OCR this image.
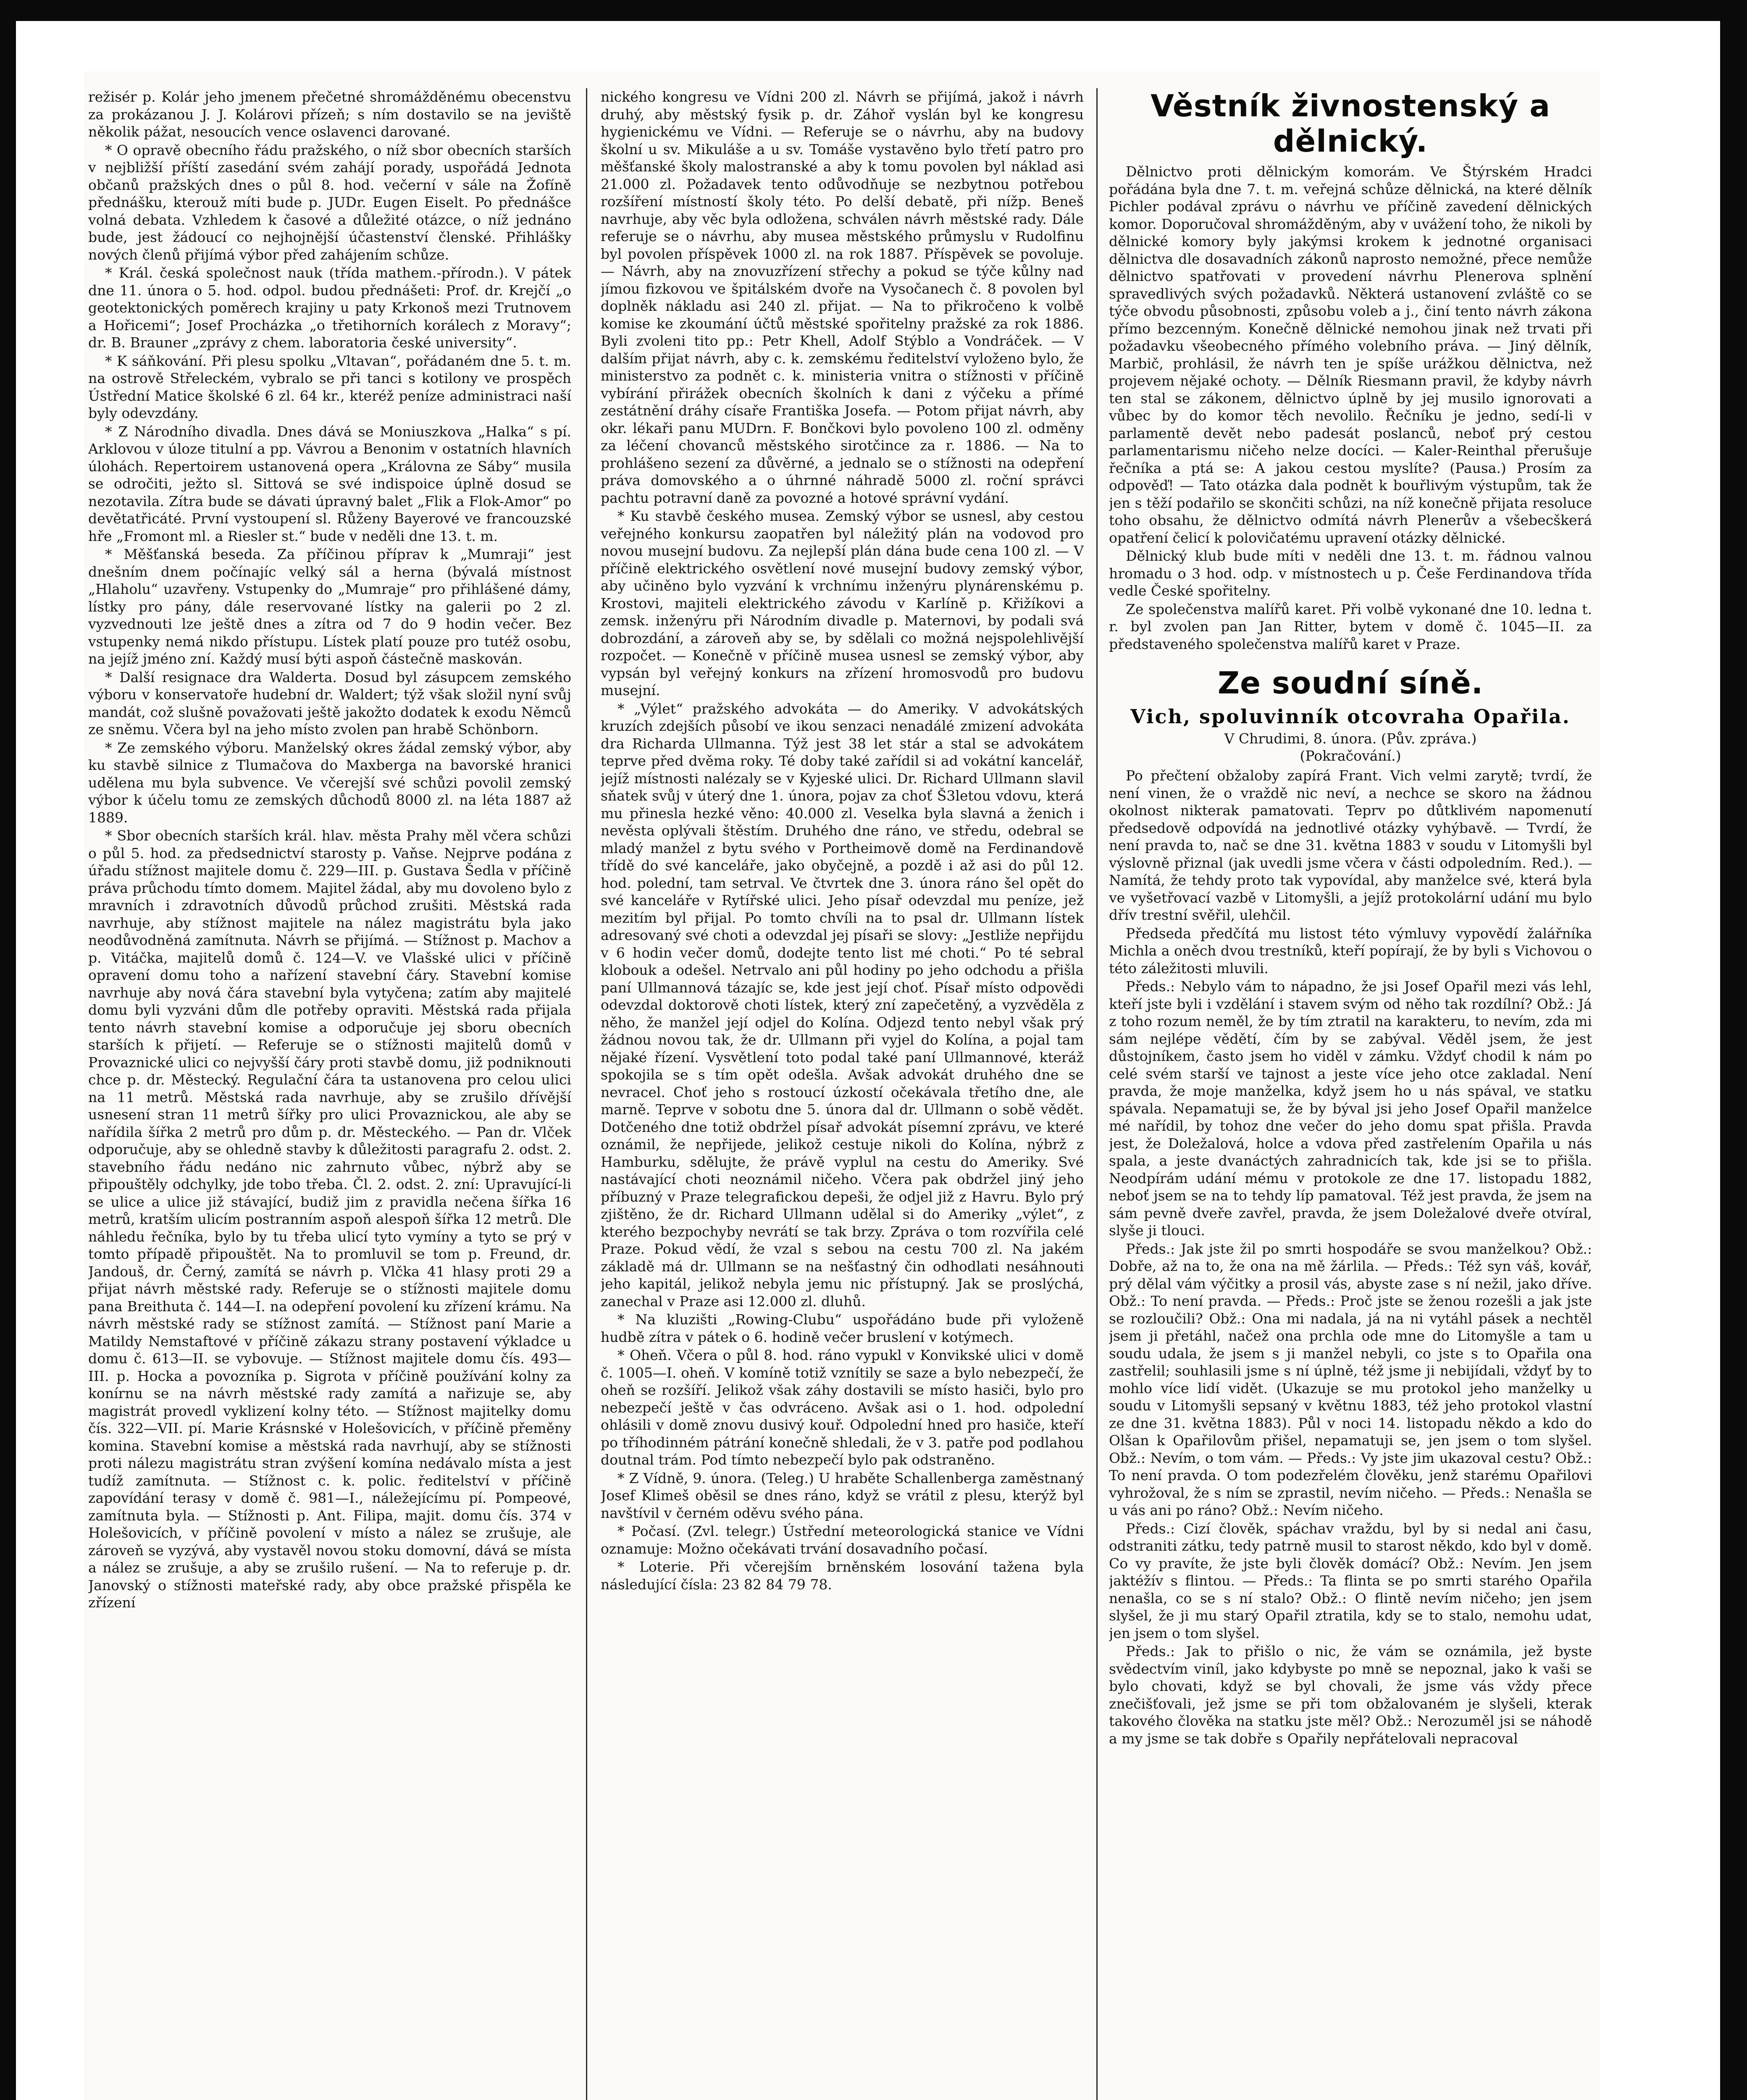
režisér p. Kolár jeho jmenem přečetné shromážděnému obecenstvu za prokázanou J. J. Kolárovi přízeň; s ním dostavilo se na jeviště několik pážat, nesoucích vence oslavenci darované.

* O opravě obecního řádu pražského, o níž sbor obecních starších v nejbližší příští zasedání svém zahájí porady, uspořádá Jednota občanů pražských dnes o půl 8. hod. večerní v sále na Žofíně přednášku, kterouž míti bude p. JUDr. Eugen Eiselt. Po přednášce volná debata. Vzhledem k časové a důležité otázce, o níž jednáno bude, jest žádoucí co nejhojnější účastenství členské. Přihlášky nových členů přijímá výbor před zahájením schůze.

* Král. česká společnost nauk (třída mathem.-přírodn.). V pátek dne 11. února o 5. hod. odpol. budou přednášeti: Prof. dr. Krejčí „o geotektonických poměrech krajiny u paty Krkonoš mezi Trutnovem a Hořicemi“; Josef Procházka „o třetihorních korálech z Moravy“; dr. B. Brauner „zprávy z chem. laboratoria české university“.

* K sáňkování. Při plesu spolku „Vltavan“, pořádaném dne 5. t. m. na ostrově Střeleckém, vybralo se při tanci s kotilony ve prospěch Ústřední Matice školské 6 zl. 64 kr., kteréž peníze administraci naší byly odevzdány.

* Z Národního divadla. Dnes dává se Moniuszkova „Halka“ s pí. Arklovou v úloze titulní a pp. Vávrou a Benonim v ostatních hlavních úlohách. Repertoirem ustanovená opera „Královna ze Sáby“ musila se odročiti, ježto sl. Sittová se své indispoice úplně dosud se nezotavila. Zítra bude se dávati úpravný balet „Flik a Flok-Amor“ po devětatřicáté. První vystoupení sl. Růženy Bayerové ve francouzské hře „Fromont ml. a Riesler st.“ bude v neděli dne 13. t. m.

* Měšťanská beseda. Za příčinou příprav k „Mumraji“ jest dnešním dnem počínajíc velký sál a herna (bývalá místnost „Hlaholu“ uzavřeny. Vstupenky do „Mumraje“ pro přihlášené dámy, lístky pro pány, dále reservované lístky na galerii po 2 zl. vyzvednouti lze ještě dnes a zítra od 7 do 9 hodin večer. Bez vstupenky nemá nikdo přístupu. Lístek platí pouze pro tutéž osobu, na jejíž jméno zní. Každý musí býti aspoň částečně maskován.

* Další resignace dra Walderta. Dosud byl zásupcem zemského výboru v konservatoře hudební dr. Waldert; týž však složil nyní svůj mandát, což slušně považovati ještě jakožto dodatek k exodu Němců ze sněmu. Včera byl na jeho místo zvolen pan hrabě Schönborn.

* Ze zemského výboru. Manželský okres žádal zemský výbor, aby ku stavbě silnice z Tlumačova do Maxberga na bavorské hranici udělena mu byla subvence. Ve včerejší své schůzi povolil zemský výbor k účelu tomu ze zemských důchodů 8000 zl. na léta 1887 až 1889.

* Sbor obecních starších král. hlav. města Prahy měl včera schůzi o půl 5. hod. za předsednictví starosty p. Vaňse. Nejprve podána z úřadu stížnost majitele domu č. 229—III. p. Gustava Šedla v příčině práva průchodu tímto domem. Majitel žádal, aby mu dovoleno bylo z mravních i zdravotních důvodů průchod zrušiti. Městská rada navrhuje, aby stížnost majitele na nález magistrátu byla jako neodůvodněná zamítnuta. Návrh se přijímá. — Stížnost p. Machov a p. Vitáčka, majitelů domů č. 124—V. ve Vlašské ulici v příčině opravení domu toho a nařízení stavební čáry. Stavební komise navrhuje aby nová čára stavební byla vytyčena; zatím aby majitelé domu byli vyzváni dům dle potřeby opraviti. Městská rada přijala tento návrh stavební komise a odporučuje jej sboru obecních starších k přijetí. — Referuje se o stížnosti majitelů domů v Provaznické ulici co nejvyšší čáry proti stavbě domu, již podniknouti chce p. dr. Městecký. Regulační čára ta ustanovena pro celou ulici na 11 metrů. Městská rada navrhuje, aby se zrušilo dřívější usnesení stran 11 metrů šířky pro ulici Provaznickou, ale aby se nařídila šířka 2 metrů pro dům p. dr. Městeckého. — Pan dr. Vlček odporučuje, aby se ohledně stavby k důležitosti paragrafu 2. odst. 2. stavebního řádu nedáno nic zahrnuto vůbec, nýbrž aby se připouštěly odchylky, jde tobo třeba. Čl. 2. odst. 2. zní: Upravující-li se ulice a ulice již stávající, budiž jim z pravidla nečena šířka 16 metrů, kratším ulicím postranním aspoň alespoň šířka 12 metrů. Dle náhledu řečníka, bylo by tu třeba ulicí tyto vymíny a tyto se prý v tomto případě připouštět. Na to promluvil se tom p. Freund, dr. Jandouš, dr. Černý, zamítá se návrh p. Vlčka 41 hlasy proti 29 a přijat návrh městské rady. Referuje se o stížnosti majitele domu pana Breithuta č. 144—I. na odepření povolení ku zřízení krámu. Na návrh městské rady se stížnost zamítá. — Stížnost paní Marie a Matildy Nemstaftové v příčině zákazu strany postavení výkladce u domu č. 613—II. se vybovuje. — Stížnost majitele domu čís. 493—III. p. Hocka a povozníka p. Sigrota v příčině používání kolny za konírnu se na návrh městské rady zamítá a nařizuje se, aby magistrát provedl vyklizení kolny této. — Stížnost majitelky domu čís. 322—VII. pí. Marie Krásnské v Holešovicích, v příčině přeměny komina. Stavební komise a městská rada navrhují, aby se stížnosti proti nálezu magistrátu stran zvýšení komína nedávalo místa a jest tudíž zamítnuta. — Stížnost c. k. polic. ředitelství v příčině zapovídání terasy v domě č. 981—I., náležejícímu pí. Pompeové, zamítnuta byla. — Stížnosti p. Ant. Filipa, majit. domu čís. 374 v Holešovicích, v příčině povolení v místo a nález se zrušuje, ale zároveň se vyzývá, aby vystavěl novou stoku domovní, dává se místa a nález se zrušuje, a aby se zrušilo rušení. — Na to referuje p. dr. Janovský o stížnosti mateřské rady, aby obce pražské přispěla ke zřízení

nického kongresu ve Vídni 200 zl. Návrh se přijímá, jakož i návrh druhý, aby městský fysik p. dr. Záhoř vyslán byl ke kongresu hygienickému ve Vídni. — Referuje se o návrhu, aby na budovy školní u sv. Mikuláše a u sv. Tomáše vystavěno bylo třetí patro pro měšťanské školy malostranské a aby k tomu povolen byl náklad asi 21.000 zl. Požadavek tento odůvodňuje se nezbytnou potřebou rozšíření místností školy této. Po delší debatě, při nížp. Beneš navrhuje, aby věc byla odložena, schválen návrh městské rady. Dále referuje se o návrhu, aby musea městského průmyslu v Rudolfinu byl povolen příspěvek 1000 zl. na rok 1887. Příspěvek se povoluje. — Návrh, aby na znovuzřízení střechy a pokud se týče kůlny nad jímou fizkovou ve špitálském dvoře na Vysočanech č. 8 povolen byl doplněk nákladu asi 240 zl. přijat. — Na to přikročeno k volbě komise ke zkoumání účtů městské spořitelny pražské za rok 1886. Byli zvoleni tito pp.: Petr Khell, Adolf Stýblo a Vondráček. — V dalším přijat návrh, aby c. k. zemskému ředitelství vyloženo bylo, že ministerstvo za podnět c. k. ministeria vnitra o stížnosti v příčině vybírání přirážek obecních školních k dani z výčeku a přímé zestátnění dráhy císaře Františka Josefa. — Potom přijat návrh, aby okr. lékaři panu MUDrn. F. Bončkovi bylo povoleno 100 zl. odměny za léčení chovanců městského sirotčince za r. 1886. — Na to prohlášeno sezení za důvěrné, a jednalo se o stížnosti na odepření práva domovského a o úhrnné náhradě 5000 zl. roční správci pachtu potravní daně za povozné a hotové správní vydání.

* Ku stavbě českého musea. Zemský výbor se usnesl, aby cestou veřejného konkursu zaopatřen byl náležitý plán na vodovod pro novou musejní budovu. Za nejlepší plán dána bude cena 100 zl. — V příčině elektrického osvětlení nové musejní budovy zemský výbor, aby učiněno bylo vyzvání k vrchnímu inženýru plynárenskému p. Krostovi, majiteli elektrického závodu v Karlíně p. Křižíkovi a zemsk. inženýru při Národním divadle p. Maternovi, by podali svá dobrozdání, a zároveň aby se, by sdělali co možná nejspolehlivější rozpočet. — Konečně v příčině musea usnesl se zemský výbor, aby vypsán byl veřejný konkurs na zřízení hromosvodů pro budovu musejní.

* „Výlet“ pražského advokáta — do Ameriky. V advokátských kruzích zdejších působí ve ikou senzaci nenadálé zmizení advokáta dra Richarda Ullmanna. Týž jest 38 let stár a stal se advokátem teprve před dvěma roky. Té doby také zařídil si ad vokátní kancelář, jejíž místnosti nalézaly se v Kyjeské ulici. Dr. Richard Ullmann slavil sňatek svůj v úterý dne 1. února, pojav za choť Š3letou vdovu, která mu přinesla hezké věno: 40.000 zl. Veselka byla slavná a ženich i nevěsta oplývali štěstím. Druhého dne ráno, ve středu, odebral se mladý manžel z bytu svého v Portheimově domě na Ferdinandově třídě do své kanceláře, jako obyčejně, a pozdě i až asi do půl 12. hod. polední, tam setrval. Ve čtvrtek dne 3. února ráno šel opět do své kanceláře v Rytířské ulici. Jeho písař odevzdal mu peníze, jež mezitím byl přijal. Po tomto chvíli na to psal dr. Ullmann lístek adresovaný své choti a odevzdal jej písaři se slovy: „Jestliže nepřijdu v 6 hodin večer domů, dodejte tento list mé choti.“ Po té sebral klobouk a odešel. Netrvalo ani půl hodiny po jeho odchodu a přišla paní Ullmannová tázajíc se, kde jest její choť. Písař místo odpovědi odevzdal doktorově choti lístek, který zní zapečetěný, a vyzvěděla z něho, že manžel její odjel do Kolína. Odjezd tento nebyl však prý žádnou novou tak, že dr. Ullmann při vyjel do Kolína, a pojal tam nějaké řízení. Vysvětlení toto podal také paní Ullmannové, kteráž spokojila se s tím opět odešla. Avšak advokát druhého dne se nevracel. Choť jeho s rostoucí úzkostí očekávala třetího dne, ale marně. Teprve v sobotu dne 5. února dal dr. Ullmann o sobě vědět. Dotčeného dne totiž obdržel písař advokát písemní zprávu, ve které oznámil, že nepřijede, jelikož cestuje nikoli do Kolína, nýbrž z Hamburku, sdělujte, že právě vyplul na cestu do Ameriky. Své nastávající choti neoznámil ničeho. Včera pak obdržel jiný jeho příbuzný v Praze telegrafickou depeši, že odjel již z Havru. Bylo prý zjištěno, že dr. Richard Ullmann udělal si do Ameriky „výlet“, z kterého bezpochyby nevrátí se tak brzy. Zpráva o tom rozvířila celé Praze. Pokud vědí, že vzal s sebou na cestu 700 zl. Na jakém základě má dr. Ullmann se na nešťastný čin odhodlati nesáhnouti jeho kapitál, jelikož nebyla jemu nic přístupný. Jak se proslýchá, zanechal v Praze asi 12.000 zl. dluhů.

* Na kluzišti „Rowing-Clubu“ uspořádáno bude při vyloženě hudbě zítra v pátek o 6. hodině večer bruslení v kotýmech.

* Oheň. Včera o půl 8. hod. ráno vypukl v Konvikské ulici v domě č. 1005—I. oheň. V komíně totiž vznítily se saze a bylo nebezpečí, že oheň se rozšíří. Jelikož však záhy dostavili se místo hasiči, bylo pro nebezpečí ještě v čas odvráceno. Avšak asi o 1. hod. odpolední ohlásili v domě znovu dusivý kouř. Odpolední hned pro hasiče, kteří po tříhodinném pátrání konečně shledali, že v 3. patře pod podlahou doutnal trám. Pod tímto nebezpečí bylo pak odstraněno.

* Z Vídně, 9. února. (Teleg.) U hraběte Schallenberga zaměstnaný Josef Klimeš oběsil se dnes ráno, když se vrátil z plesu, kterýž byl navštívil v černém oděvu svého pána.

* Počasí. (Zvl. telegr.) Ústřední meteorologická stanice ve Vídni oznamuje: Možno očekávati trvání dosavadního počasí.

* Loterie. Při včerejším brněnském losování tažena byla následující čísla: 23 82 84 79 78.

Věstník živnostenský a dělnický.

Dělnictvo proti dělnickým komorám. Ve Štýrském Hradci pořádána byla dne 7. t. m. veřejná schůze dělnická, na které dělník Pichler podával zprávu o návrhu ve příčině zavedení dělnických komor. Doporučoval shromážděným, aby v uvážení toho, že nikoli by dělnické komory byly jakýmsi krokem k jednotné organisaci dělnictva dle dosavadních zákonů naprosto nemožné, přece nemůže dělnictvo spatřovati v provedení návrhu Plenerova splnění spravedlivých svých požadavků. Některá ustanovení zvláště co se týče obvodu působnosti, způsobu voleb a j., činí tento návrh zákona přímo bezcenným. Konečně dělnické nemohou jinak než trvati při požadavku všeobecného přímého volebního práva. — Jiný dělník, Marbič, prohlásil, že návrh ten je spíše urážkou dělnictva, než projevem nějaké ochoty. — Dělník Riesmann pravil, že kdyby návrh ten stal se zákonem, dělnictvo úplně by jej musilo ignorovati a vůbec by do komor těch nevolilo. Řečníku je jedno, sedí-li v parlamentě devět nebo padesát poslanců, neboť prý cestou parlamentarismu ničeho nelze docíci. — Kaler-Reinthal přerušuje řečníka a ptá se: A jakou cestou myslíte? (Pausa.) Prosím za odpověď! — Tato otázka dala podnět k bouřlivým výstupům, tak že jen s těží podařilo se skončiti schůzi, na níž konečně přijata resoluce toho obsahu, že dělnictvo odmítá návrh Plenerův a všebecškerá opatření čelicí k polovičatému upravení otázky dělnické.

Dělnický klub bude míti v neděli dne 13. t. m. řádnou valnou hromadu o 3 hod. odp. v místnostech u p. Češe Ferdinandova třída vedle České spořitelny.

Ze společenstva malířů karet. Při volbě vykonané dne 10. ledna t. r. byl zvolen pan Jan Ritter, bytem v domě č. 1045—II. za představeného společenstva malířů karet v Praze.

Ze soudní síně.
Vich, spoluvinník otcovraha Opařila.

V Chrudimi, 8. února. (Pův. zpráva.)

(Pokračování.)

Po přečtení obžaloby zapírá Frant. Vich velmi zarytě; tvrdí, že není vinen, že o vraždě nic neví, a nechce se skoro na žádnou okolnost nikterak pamatovati. Teprv po důtklivém napomenutí předsedově odpovídá na jednotlivé otázky vyhýbavě. — Tvrdí, že není pravda to, nač se dne 31. května 1883 v soudu v Litomyšli byl výslovně přiznal (jak uvedli jsme včera v části odpoledním. Red.). — Namítá, že tehdy proto tak vypovídal, aby manželce své, která byla ve vyšetřovací vazbě v Litomyšli, a jejíž protokolární udání mu bylo dřív trestní svěřil, ulehčil.

Předseda předčítá mu listost této výmluvy vypovědí žalářníka Michla a oněch dvou trestníků, kteří popírají, že by byli s Vichovou o této záležitosti mluvili.

Předs.: Nebylo vám to nápadno, že jsi Josef Opařil mezi vás lehl, kteří jste byli i vzdělání i stavem svým od něho tak rozdílní? Obž.: Já z toho rozum neměl, že by tím ztratil na karakteru, to nevím, zda mi sám nejlépe vědětí, čím by se zabýval. Věděl jsem, že jest důstojníkem, často jsem ho viděl v zámku. Vždyť chodil k nám po celé svém starší ve tajnost a jeste více jeho otce zakladal. Není pravda, že moje manželka, když jsem ho u nás spával, ve statku spávala. Nepamatuji se, že by býval jsi jeho Josef Opařil manželce mé nařídil, by tohoz dne večer do jeho domu spat přišla. Pravda jest, že Doležalová, holce a vdova před zastřelením Opařila u nás spala, a jeste dvanáctých zahradnicích tak, kde jsi se to přišla. Neodpírám udání mému v protokole ze dne 17. listopadu 1882, neboť jsem se na to tehdy líp pamatoval. Též jest pravda, že jsem na sám pevně dveře zavřel, pravda, že jsem Doležalové dveře otvíral, slyše ji tlouci.

Předs.: Jak jste žil po smrti hospodáře se svou manželkou? Obž.: Dobře, až na to, že ona na mě žárlila. — Předs.: Též syn váš, kovář, prý dělal vám výčitky a prosil vás, abyste zase s ní nežil, jako dříve. Obž.: To není pravda. — Předs.: Proč jste se ženou rozešli a jak jste se rozloučili? Obž.: Ona mi nadala, já na ni vytáhl pásek a nechtěl jsem ji přetáhl, načež ona prchla ode mne do Litomyšle a tam u soudu udala, že jsem s ji manžel nebyli, co jste s to Opařila ona zastřelil; souhlasili jsme s ní úplně, též jsme ji nebijídali, vždyť by to mohlo více lidí vidět. (Ukazuje se mu protokol jeho manželky u soudu v Litomyšli sepsaný v květnu 1883, též jeho protokol vlastní ze dne 31. května 1883). Půl v noci 14. listopadu někdo a kdo do Olšan k Opařilovům přišel, nepamatuji se, jen jsem o tom slyšel. Obž.: Nevím, o tom vám. — Předs.: Vy jste jim ukazoval cestu? Obž.: To není pravda. O tom podezřelém člověku, jenž starému Opařilovi vyhrožoval, že s ním se zprastil, nevím ničeho. — Předs.: Nenašla se u vás ani po ráno? Obž.: Nevím ničeho.

Předs.: Cizí člověk, spáchav vraždu, byl by si nedal ani času, odstraniti zátku, tedy patrně musil to starost někdo, kdo byl v domě. Co vy pravíte, že jste byli člověk domácí? Obž.: Nevím. Jen jsem jaktéžív s flintou. — Předs.: Ta flinta se po smrti starého Opařila nenašla, co se s ní stalo? Obž.: O flintě nevím ničeho; jen jsem slyšel, že ji mu starý Opařil ztratila, kdy se to stalo, nemohu udat, jen jsem o tom slyšel.

Předs.: Jak to přišlo o nic, že vám se oznámila, jež byste svědectvím viníl, jako kdybyste po mně se nepoznal, jako k vaši se bylo chovati, když se byl chovali, že jsme vás vždy přece znečišťovali, jež jsme se při tom obžalovaném je slyšeli, kterak takového člověka na statku jste měl? Obž.: Nerozuměl jsi se náhodě a my jsme se tak dobře s Opařily nepřátelovali nepracoval
